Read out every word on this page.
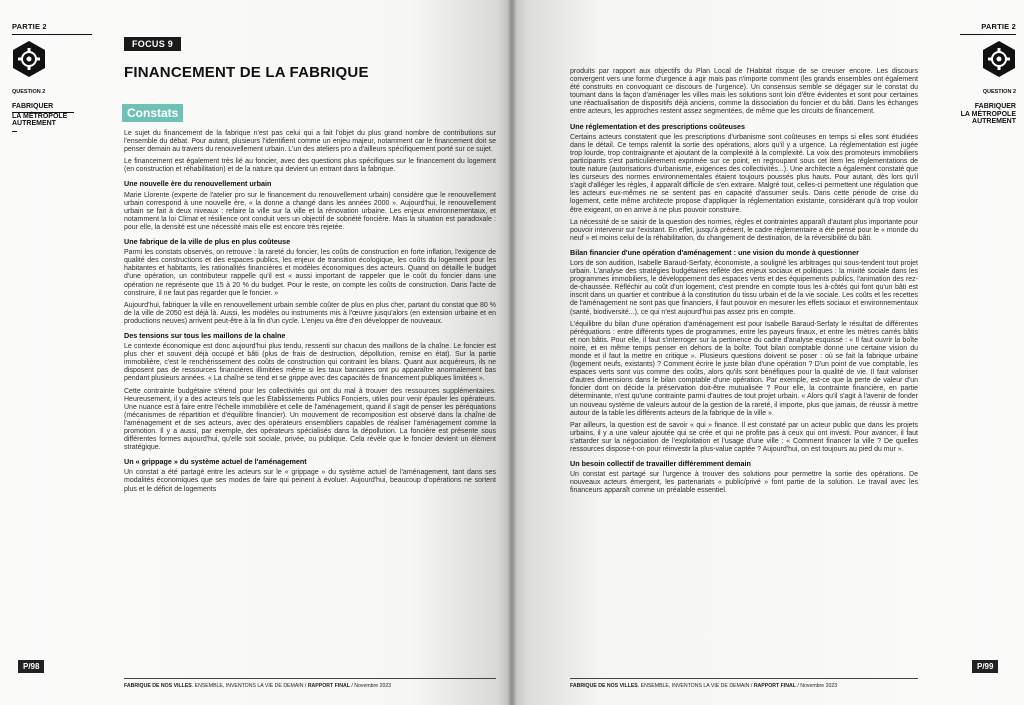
PARTIE 2
QUESTION 2
FABRIQUER
LA MÉTROPOLE
AUTREMENT
FOCUS 9
FINANCEMENT DE LA FABRIQUE
Constats

Le sujet du financement de la fabrique n'est pas celui qui a fait l'objet du plus grand nombre de contributions sur l'ensemble du débat. Pour autant, plusieurs l'identifient comme un enjeu majeur, notamment car le financement doit se penser demain au travers du renouvellement urbain. L'un des ateliers pro a d'ailleurs spécifiquement porté sur ce sujet.

Le financement est également très lié au foncier, avec des questions plus spécifiques sur le financement du logement (en construction et réhabilitation) et de la nature qui devient un entrant dans la fabrique.

Une nouvelle ère du renouvellement urbain

Marie Llorente (experte de l'atelier pro sur le financement du renouvellement urbain) considère que le renouvellement urbain correspond à une nouvelle ère, « la donne a changé dans les années 2000 ». Aujourd'hui, le renouvellement urbain se fait à deux niveaux : refaire la ville sur la ville et la rénovation urbaine. Les enjeux environnementaux, et notamment la loi Climat et résilience ont conduit vers un objectif de sobriété foncière. Mais la situation est paradoxale : pour elle, la densité est une nécessité mais elle est encore très rejetée.

Une fabrique de la ville de plus en plus coûteuse

Parmi les constats observés, on retrouve : la rareté du foncier, les coûts de construction en forte inflation, l'exigence de qualité des constructions et des espaces publics, les enjeux de transition écologique, les coûts du logement pour les habitantes et habitants, les rationalités financières et modèles économiques des acteurs. Quand on détaille le budget d'une opération, un contributeur rappelle qu'il est « aussi important de rappeler que le coût du foncier dans une opération ne représente que 15 à 20 % du budget. Pour le reste, on compte les coûts de construction. Dans l'acte de construire, il ne faut pas regarder que le foncier. »

Aujourd'hui, fabriquer la ville en renouvellement urbain semble coûter de plus en plus cher, partant du constat que 80 % de la ville de 2050 est déjà là. Aussi, les modèles ou instruments mis à l'œuvre jusqu'alors (en extension urbaine et en productions neuves) arrivent peut-être à la fin d'un cycle. L'enjeu va être d'en développer de nouveaux.

Des tensions sur tous les maillons de la chaîne

Le contexte économique est donc aujourd'hui plus tendu, ressenti sur chacun des maillons de la chaîne. Le foncier est plus cher et souvent déjà occupé et bâti (plus de frais de destruction, dépollution, remise en état). Sur la partie immobilière, c'est le renchérissement des coûts de construction qui contraint les bilans. Quant aux acquéreurs, ils ne disposent pas de ressources financières illimitées même si les taux bancaires ont pu apparaître anormalement bas pendant plusieurs années. « La chaîne se tend et se grippe avec des capacités de financement publiques limitées ».

Cette contrainte budgétaire s'étend pour les collectivités qui ont du mal à trouver des ressources supplémentaires. Heureusement, il y a des acteurs tels que les Établissements Publics Fonciers, utiles pour venir épauler les opérateurs. Une nuance est à faire entre l'échelle immobilière et celle de l'aménagement, quand il s'agit de penser les péréquations (mécanismes de répartition et d'équilibre financier). Un mouvement de recomposition est observé dans la chaîne de l'aménagement et de ses acteurs, avec des opérateurs ensembliers capables de réaliser l'aménagement comme la promotion. Il y a aussi, par exemple, des opérateurs spécialisés dans la dépollution. La foncière est présente sous différentes formes aujourd'hui, qu'elle soit sociale, privée, ou publique. Cela révèle que le foncier devient un élément stratégique.

Un « grippage » du système actuel de l'aménagement

Un constat a été partagé entre les acteurs sur le « grippage » du système actuel de l'aménagement, tant dans ses modalités économiques que ses modes de faire qui peinent à évoluer. Aujourd'hui, beaucoup d'opérations ne sortent plus et le déficit de logements

P/98
FABRIQUE DE NOS VILLES. ENSEMBLE, INVENTONS LA VIE DE DEMAIN / RAPPORT FINAL / Novembre 2023

produits par rapport aux objectifs du Plan Local de l'Habitat risque de se creuser encore. Les discours convergent vers une forme d'urgence à agir mais pas n'importe comment (les grands ensembles ont également été construits en convoquant ce discours de l'urgence). Un consensus semble se dégager sur le constat du tournant dans la façon d'aménager les villes mais les solutions sont loin d'être évidentes et sont pour certaines une réactualisation de dispositifs déjà anciens, comme la dissociation du foncier et du bâti. Dans les échanges entre acteurs, les approches restent assez segmentées, de même que les circuits de financement.

Une réglementation et des prescriptions coûteuses

Certains acteurs constatent que les prescriptions d'urbanisme sont coûteuses en temps si elles sont étudiées dans le détail. Ce temps ralentit la sortie des opérations, alors qu'il y a urgence. La réglementation est jugée trop lourde, trop contraignante et ajoutant de la complexité à la complexité. La voix des promoteurs immobiliers participants s'est particulièrement exprimée sur ce point, en regroupant sous cet item les réglementations de toute nature (autorisations d'urbanisme, exigences des collectivités...). Une architecte a également constaté que les curseurs des normes environnementales étaient toujours poussés plus hauts. Pour autant, dès lors qu'il s'agit d'alléger les règles, il apparaît difficile de s'en extraire. Malgré tout, celles-ci permettent une régulation que les acteurs eux-mêmes ne se sentent pas en capacité d'assumer seuls. Dans cette période de crise du logement, cette même architecte propose d'appliquer la réglementation existante, considérant qu'à trop vouloir être exigeant, on en arrive à ne plus pouvoir construire.

La nécessité de se saisir de la question des normes, règles et contraintes apparaît d'autant plus importante pour pouvoir intervenir sur l'existant. En effet, jusqu'à présent, le cadre réglementaire a été pensé pour le « monde du neuf » et moins celui de la réhabilitation, du changement de destination, de la réversibilité du bâti.

Bilan financier d'une opération d'aménagement : une vision du monde à questionner

Lors de son audition, Isabelle Baraud-Serfaty, économiste, a souligné les arbitrages qui sous-tendent tout projet urbain. L'analyse des stratégies budgétaires reflète des enjeux sociaux et politiques : la mixité sociale dans les programmes immobiliers, le développement des espaces verts et des équipements publics, l'animation des rez-de-chaussée. Réfléchir au coût d'un logement, c'est prendre en compte tous les à-côtés qui font qu'un bâti est inscrit dans un quartier et contribue à la constitution du tissu urbain et de la vie sociale. Les coûts et les recettes de l'aménagement ne sont pas que financiers, il faut pouvoir en mesurer les effets sociaux et environnementaux (santé, biodiversité...), ce qui n'est aujourd'hui pas assez pris en compte.

L'équilibre du bilan d'une opération d'aménagement est pour Isabelle Baraud-Serfaty le résultat de différentes péréquations : entre différents types de programmes, entre les payeurs finaux, et entre les mètres carrés bâtis et non bâtis. Pour elle, il faut s'interroger sur la pertinence du cadre d'analyse esquissé : « Il faut ouvrir la boîte noire, et en même temps penser en dehors de la boîte. Tout bilan comptable donne une certaine vision du monde et il faut la mettre en critique ». Plusieurs questions doivent se poser : où se fait la fabrique urbaine (logement neufs, existants) ? Comment écrire le juste bilan d'une opération ? D'un point de vue comptable, les espaces verts sont vus comme des coûts, alors qu'ils sont bénéfiques pour la qualité de vie. Il faut valoriser d'autres dimensions dans le bilan comptable d'une opération. Par exemple, est-ce que la perte de valeur d'un foncier dont on décide la préservation doit-être mutualisée ? Pour elle, la contrainte financière, en partie déterminante, n'est qu'une contrainte parmi d'autres de tout projet urbain. « Alors qu'il s'agit à l'avenir de fonder un nouveau système de valeurs autour de la gestion de la rareté, il importe, plus que jamais, de réussir à mettre autour de la table les différents acteurs de la fabrique de la ville ».

Par ailleurs, la question est de savoir « qui » finance. Il est constaté par un acteur public que dans les projets urbains, il y a une valeur ajoutée qui se crée et qui ne profite pas à ceux qui ont investi. Pour avancer, il faut s'attarder sur la négociation de l'exploitation et l'usage d'une ville : « Comment financer la ville ? De quelles ressources dispose-t-on pour réinvestir la plus-value captée ? Aujourd'hui, on est toujours au pied du mur ».

Un besoin collectif de travailler différemment demain

Un constat est partagé sur l'urgence à trouver des solutions pour permettre la sortie des opérations. De nouveaux acteurs émergent, les partenariats « public/privé » font partie de la solution. Le travail avec les financeurs apparaît comme un préalable essentiel.

PARTIE 2
QUESTION 2
FABRIQUER
LA MÉTROPOLE
AUTREMENT
P/99
FABRIQUE DE NOS VILLES. ENSEMBLE, INVENTONS LA VIE DE DEMAIN / RAPPORT FINAL / Novembre 2023
